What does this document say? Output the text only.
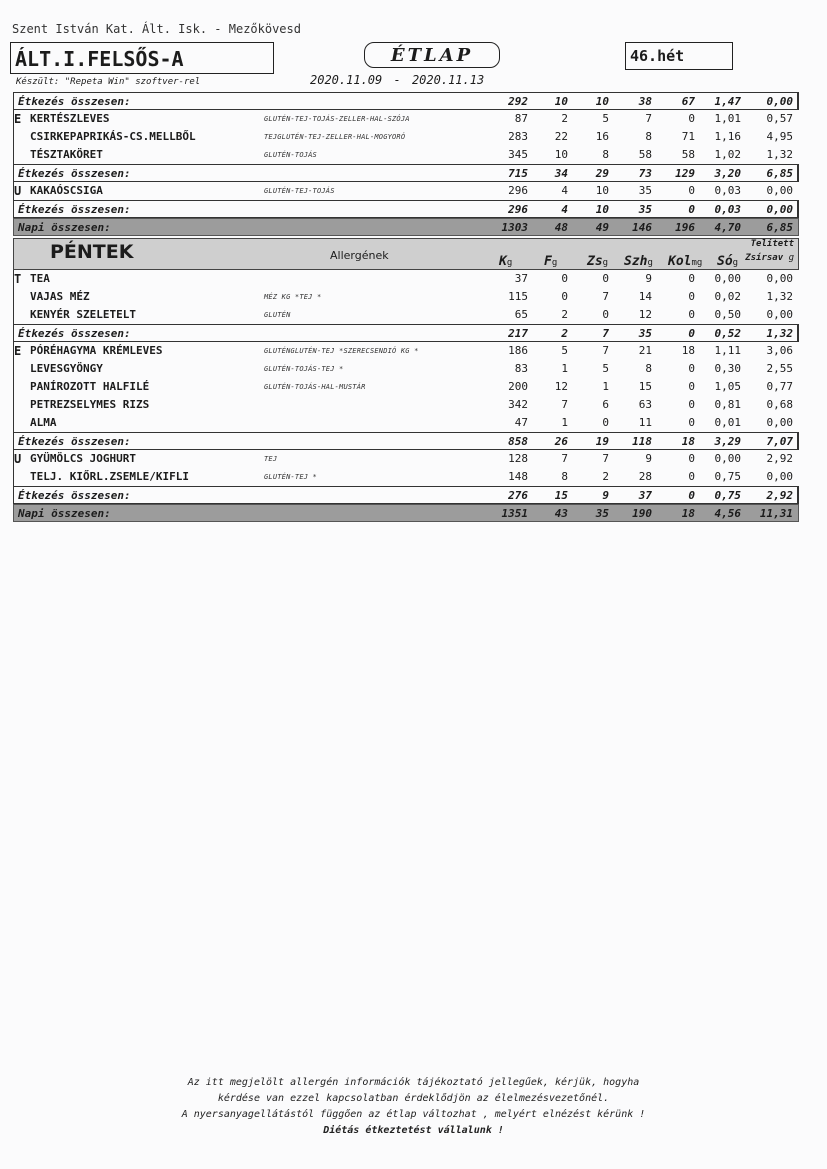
Szent István Kat. Ált. Isk. - Mezőkövesd
ÁLT.I.FELSŐS-A	ÉTLAP	46.hét
Készült: "Repeta Win" szoftver-rel	2020.11.09 - 2020.11.13
Étkezés összesen:	292	10	10	38	67	1,47	0,00
E KERTÉSZLEVES	GLUTÉN-TEJ-TOJÁS-ZELLER-HAL-SZÓJA	87	2	5	7	0	1,01	0,57
CSIRKEPAPRIKÁS-CS.MELLBŐL	TEJGLUTÉN-TEJ-ZELLER-HAL-MOGYORÓ	283	22	16	8	71	1,16	4,95
TÉSZTAKÖRET	GLUTÉN-TOJÁS	345	10	8	58	58	1,02	1,32
Étkezés összesen:	715	34	29	73	129	3,20	6,85
U KAKAÓSCSIGA	GLUTÉN-TEJ-TOJÁS	296	4	10	35	0	0,03	0,00
Étkezés összesen:	296	4	10	35	0	0,03	0,00
Napi összesen:	1303	48	49	146	196	4,70	6,85
PÉNTEK	Allergének	Kg Fg Zsg Szhg Kolmg Sóg
Telített
Zsírsav g
T TEA	37	0	0	9	0	0,00	0,00
VAJAS MÉZ	MÉZ KG *TEJ *	115	0	7	14	0	0,02	1,32
KENYÉR SZELETELT	GLUTÉN	65	2	0	12	0	0,50	0,00
Étkezés összesen:	217	2	7	35	0	0,52	1,32
E PÓRÉHAGYMA KRÉMLEVES	GLUTÉNGLUTÉN-TEJ *SZERECSENDIÓ KG *	186	5	7	21	18	1,11	3,06
LEVESGYÖNGY	GLUTÉN-TOJÁS-TEJ *	83	1	5	8	0	0,30	2,55
PANÍROZOTT HALFILÉ	GLUTÉN-TOJÁS-HAL-MUSTÁR	200	12	1	15	0	1,05	0,77
PETREZSELYMES RIZS	342	7	6	63	0	0,81	0,68
ALMA	47	1	0	11	0	0,01	0,00
Étkezés összesen:	858	26	19	118	18	3,29	7,07
U GYÜMÖLCS JOGHURT	TEJ	128	7	7	9	0	0,00	2,92
TELJ. KIŐRL.ZSEMLE/KIFLI	GLUTÉN-TEJ *	148	8	2	28	0	0,75	0,00
Étkezés összesen:	276	15	9	37	0	0,75	2,92
Napi összesen:	1351	43	35	190	18	4,56	11,31
Az itt megjelölt allergén információk tájékoztató jellegűek, kérjük, hogyha
kérdése van ezzel kapcsolatban érdeklődjön az élelmezésvezetőnél.
A nyersanyagellátástól függően az étlap változhat , melyért elnézést kérünk !
Diétás étkeztetést vállalunk !
